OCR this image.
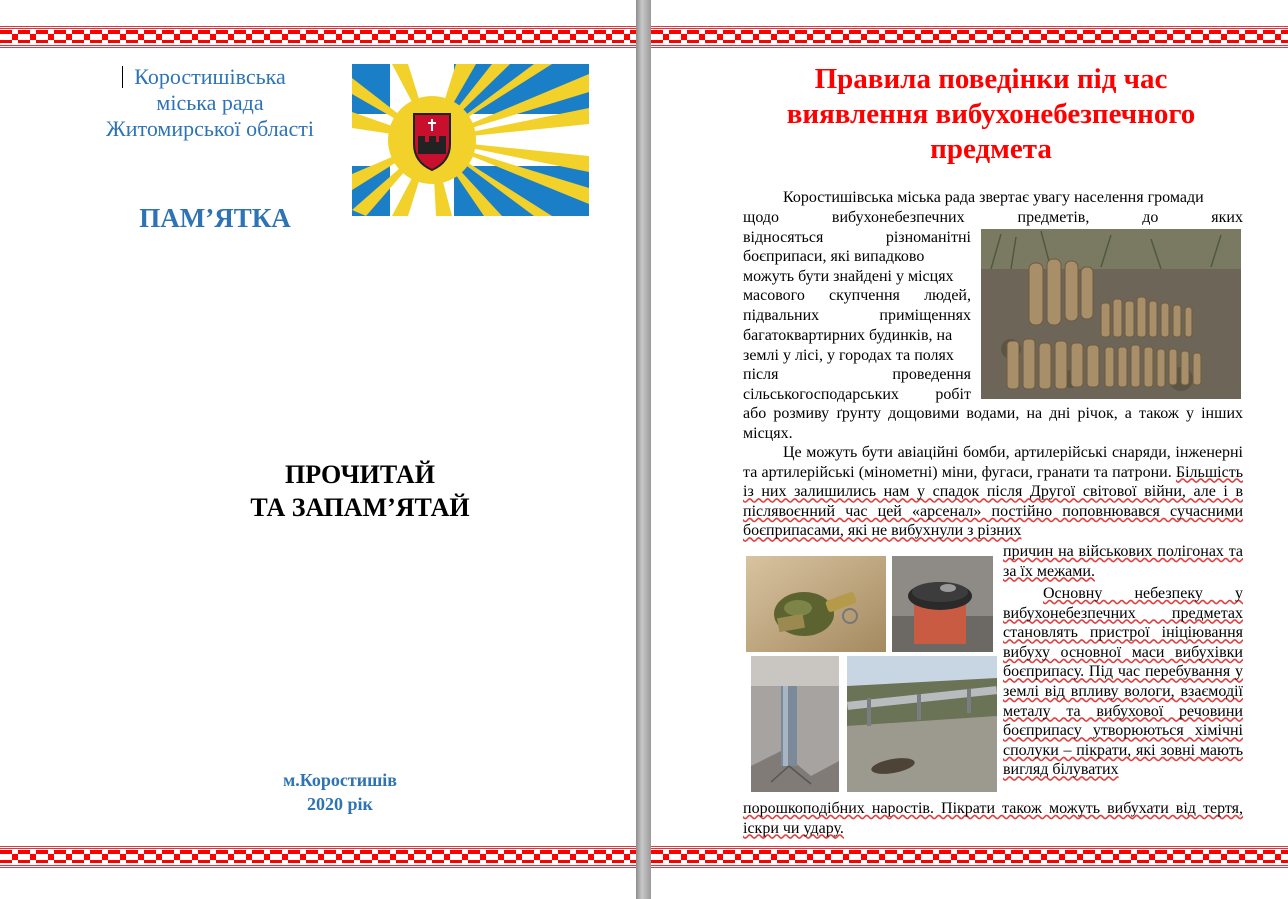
Коростишівська
міська рада
Житомирської області
ПАМ’ЯТКА
ПРОЧИТАЙ
ТА ЗАПАМ’ЯТАЙ
м.Коростишів
2020 рік
Правила поведінки під час
виявлення вибухонебезпечного
предмета

Коростишівська міська рада звертає увагу населення громади

щодо вибухонебезпечних предметів, до яких

відносяться різноманітні

боєприпаси, які випадково

можуть бути знайдені у місцях

масового скупчення людей,

підвальних приміщеннях

багатоквартирних будинків, на

землі у лісі, у городах та полях

після проведення

сільськогосподарських робіт

або розмиву ґрунту дощовими водами, на дні річок, а також у інших місцях.

Це можуть бути авіаційні бомби, артилерійські снаряди, інженерні та артилерійські (мінометні) міни, фугаси, гранати та патрони. Більшість із них залишились нам у спадок після Другої світової війни, але і в післявоєнний час цей «арсенал» постійно поповнювався сучасними боєприпасами, які не вибухнули з різних

причин на військових полігонах та за їх межами.

Основну небезпеку у вибухонебезпечних предметах становлять пристрої ініціювання вибуху основної маси вибухівки боєприпасу. Під час перебування у землі від впливу вологи, взаємодії металу та вибухової речовини боєприпасу утворюються хімічні сполуки – пікрати, які зовні мають вигляд білуватих

порошкоподібних наростів. Пікрати також можуть вибухати від тертя, іскри чи удару.
